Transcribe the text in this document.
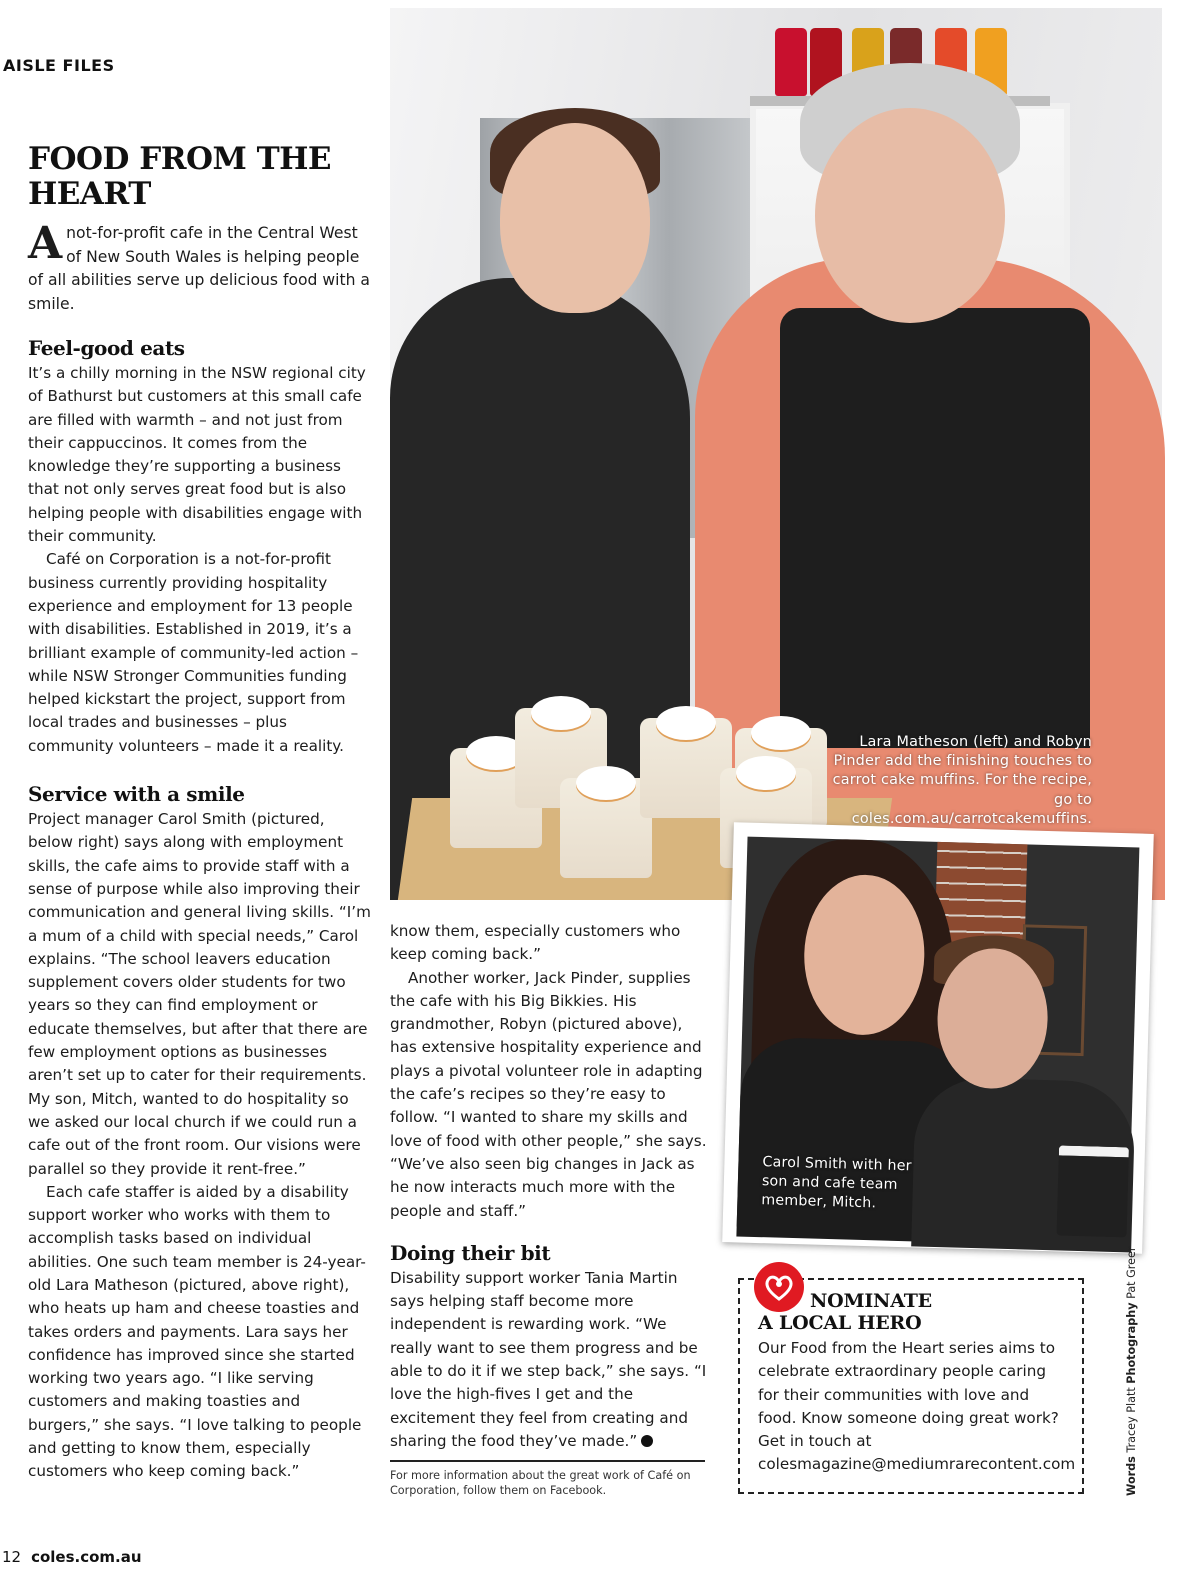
AISLE FILES
FOOD FROM THE HEART
A not-for-profit cafe in the Central West of New South Wales is helping people of all abilities serve up delicious food with a smile.
Feel-good eats

It’s a chilly morning in the NSW regional city of Bathurst but customers at this small cafe are filled with warmth – and not just from their cappuccinos. It comes from the knowledge they’re supporting a business that not only serves great food but is also helping people with disabilities engage with their community.

Café on Corporation is a not-for-profit business currently providing hospitality experience and employment for 13 people with disabilities. Established in 2019, it’s a brilliant example of community-led action – while NSW Stronger Communities funding helped kickstart the project, support from local trades and businesses – plus community volunteers – made it a reality.

Service with a smile

Project manager Carol Smith (pictured, below right) says along with employment skills, the cafe aims to provide staff with a sense of purpose while also improving their communication and general living skills. “I’m a mum of a child with special needs,” Carol explains. “The school leavers education supplement covers older students for two years so they can find employment or educate themselves, but after that there are few employment options as businesses aren’t set up to cater for their requirements. My son, Mitch, wanted to do hospitality so we asked our local church if we could run a cafe out of the front room. Our visions were parallel so they provide it rent-free.”

Each cafe staffer is aided by a disability support worker who works with them to accomplish tasks based on individual abilities. One such team member is 24-year-old Lara Matheson (pictured, above right), who heats up ham and cheese toasties and takes orders and payments. Lara says her confidence has improved since she started working two years ago. “I like serving customers and making toasties and burgers,” she says. “I love talking to people and getting to know them, especially customers who keep coming back.”

Lara Matheson (left) and Robyn Pinder add the finishing touches to carrot cake muffins. For the recipe, go to coles.com.au/carrotcakemuffins.
Carol Smith with her son and cafe team member, Mitch.

know them, especially customers who keep coming back.”

Another worker, Jack Pinder, supplies the cafe with his Big Bikkies. His grandmother, Robyn (pictured above), has extensive hospitality experience and plays a pivotal volunteer role in adapting the cafe’s recipes so they’re easy to follow. “I wanted to share my skills and love of food with other people,” she says. “We’ve also seen big changes in Jack as he now interacts much more with the people and staff.”

Doing their bit

Disability support worker Tania Martin says helping staff become more independent is rewarding work. “We really want to see them progress and be able to do it if we step back,” she says. “I love the high-fives I get and the excitement they feel from creating and sharing the food they’ve made.”

For more information about the great work of Café on Corporation, follow them on Facebook.
NOMINATE
A LOCAL HERO

Our Food from the Heart series aims to celebrate extraordinary people caring for their communities with love and food. Know someone doing great work? Get in touch at colesmagazine@mediumrarecontent.com	Words Tracey Platt Photography Pat Greer
12 coles.com.au
